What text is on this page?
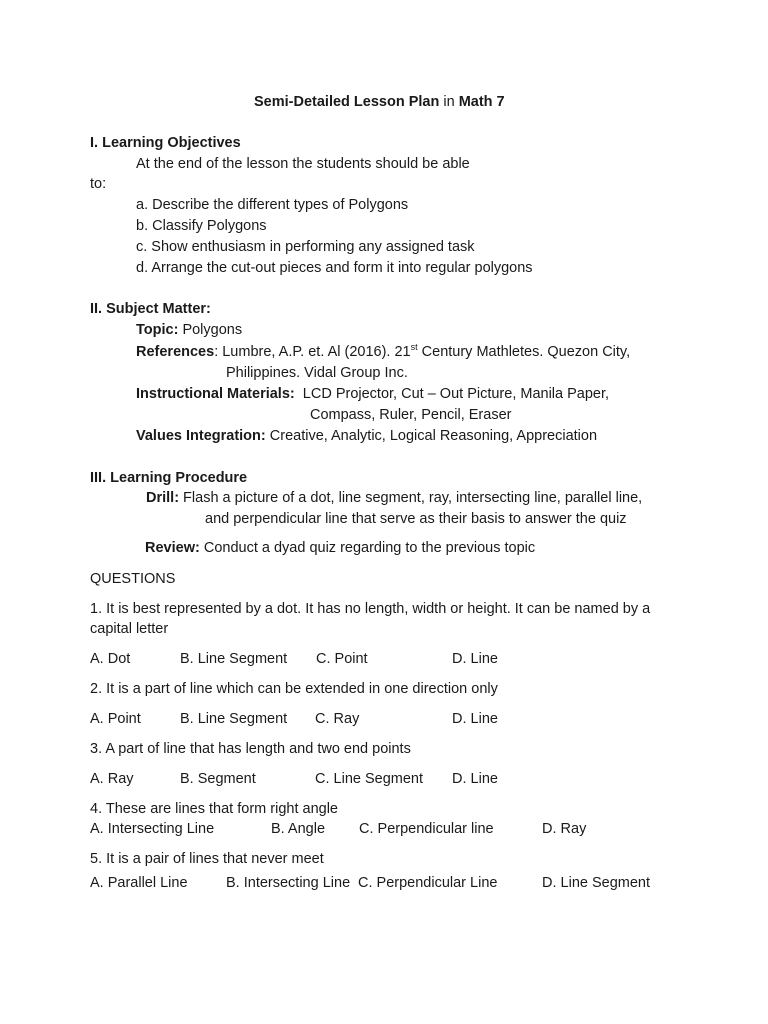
Semi-Detailed Lesson Plan in Math 7
I. Learning Objectives
At the end of the lesson the students should be able
to:
a. Describe the different types of Polygons
b. Classify Polygons
c. Show enthusiasm in performing any assigned task
d. Arrange the cut-out pieces and form it into regular polygons
II. Subject Matter:
Topic: Polygons
References: Lumbre, A.P. et. Al (2016). 21st Century Mathletes. Quezon City,
Philippines. Vidal Group Inc.
Instructional Materials:  LCD Projector, Cut – Out Picture, Manila Paper,
Compass, Ruler, Pencil, Eraser
Values Integration: Creative, Analytic, Logical Reasoning, Appreciation
III. Learning Procedure
Drill: Flash a picture of a dot, line segment, ray, intersecting line, parallel line,
and perpendicular line that serve as their basis to answer the quiz
Review: Conduct a dyad quiz regarding to the previous topic
QUESTIONS
1. It is best represented by a dot. It has no length, width or height. It can be named by a
capital letter
A. Dot	B. Line Segment C. Point	D. Line
2. It is a part of line which can be extended in one direction only
A. Point	B. Line Segment C. Ray	D. Line
3. A part of line that has length and two end points
A. Ray	B. Segment	C. Line Segment D. Line
4. These are lines that form right angle
A. Intersecting Line	B. Angle C. Perpendicular line	D. Ray
5. It is a pair of lines that never meet
A. Parallel Line	B. Intersecting Line C. Perpendicular Line	D. Line Segment
